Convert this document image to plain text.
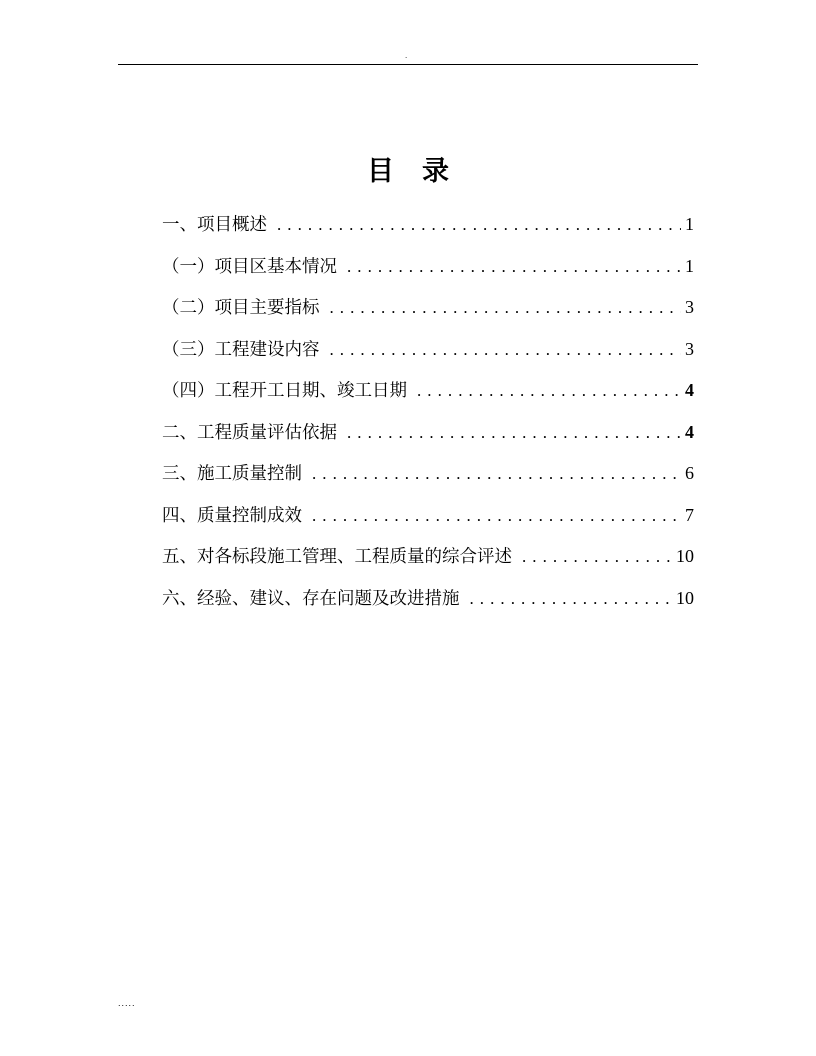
.
目录
一、项目概述 . . .	1
（一）项目区基本情况 . . .	1
（二）项目主要指标 . . .	3
（三）工程建设内容 . . .	3
（四）工程开工日期、竣工日期 . . .	4
二、工程质量评估依据 . . .	4
三、施工质量控制 . . .	6
四、质量控制成效 . . .	7
五、对各标段施工管理、工程质量的综合评述 . . .	10
六、经验、建议、存在问题及改进措施 . . .	10
.....
